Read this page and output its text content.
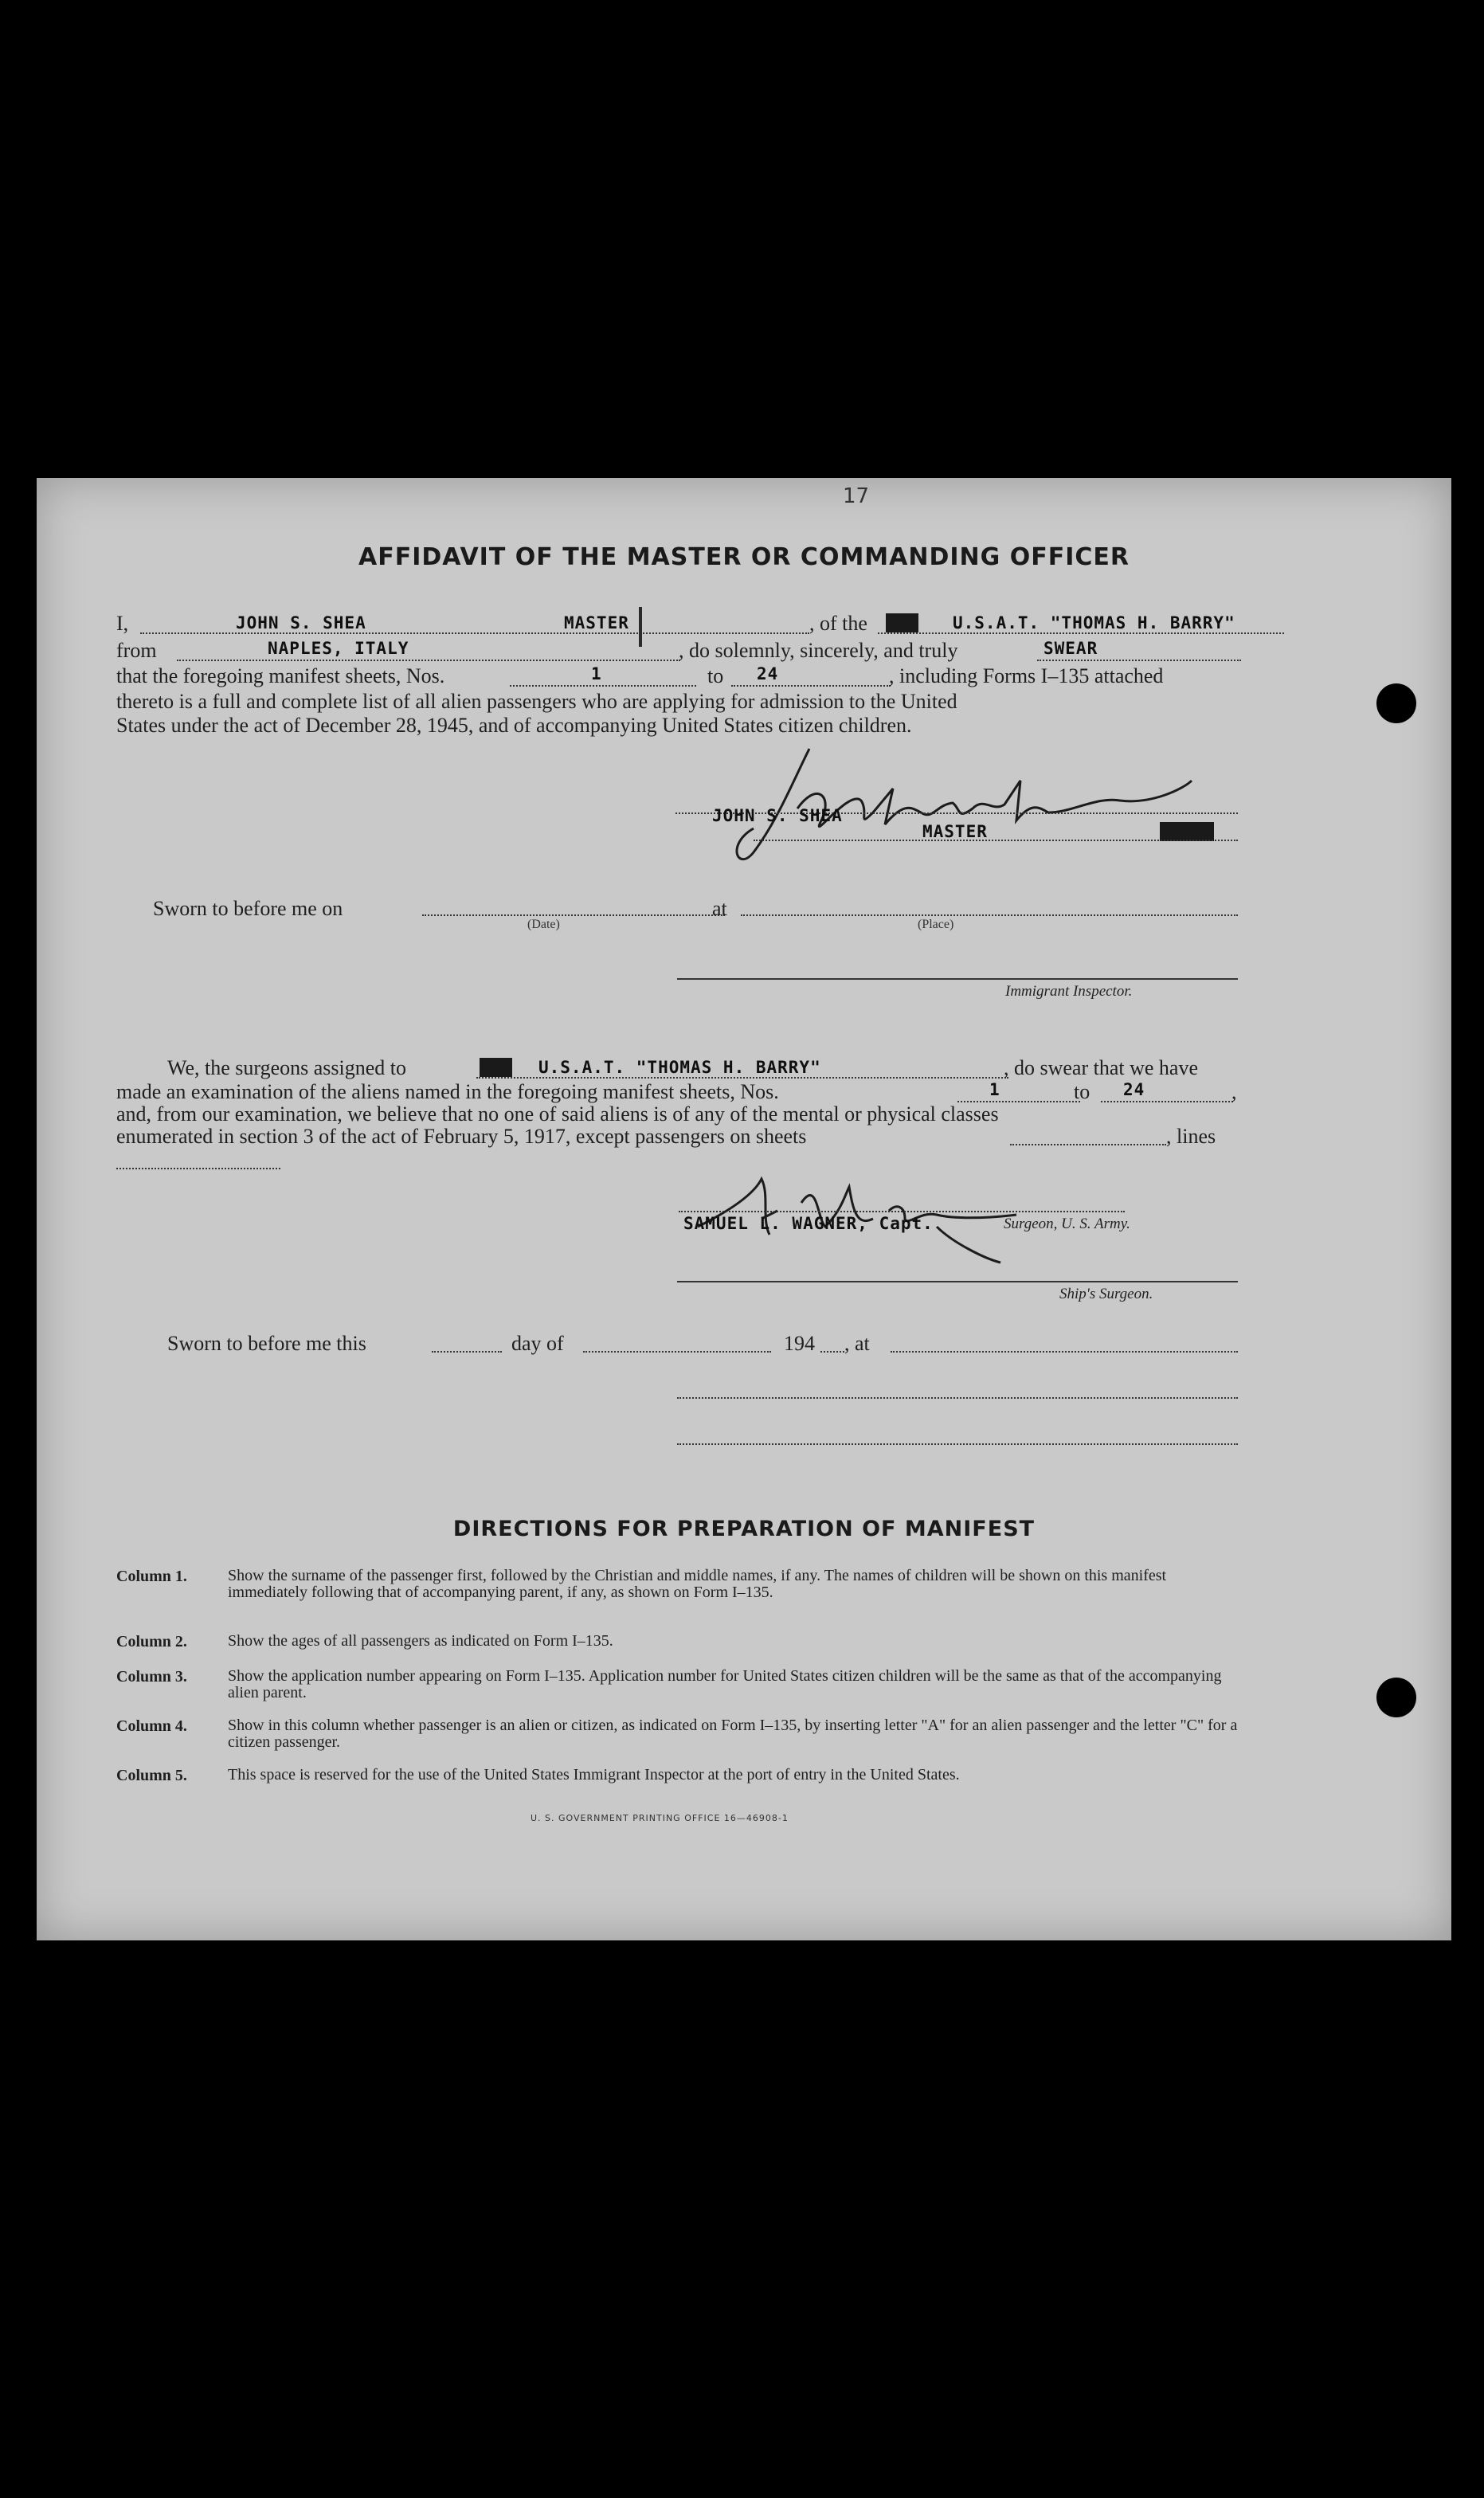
17
AFFIDAVIT OF THE MASTER OR COMMANDING OFFICER
I,	JOHN S. SHEA	MASTER	, of the XXX U.S.A.T. "THOMAS H. BARRY"
from	NAPLES, ITALY	, do solemnly, sincerely, and truly	SWEAR
that the foregoing manifest sheets, Nos.	1	to 24	, including Forms I–135 attached
thereto is a full and complete list of all alien passengers who are applying for admission to the United
States under the act of December 28, 1945, and of accompanying United States citizen children.
JOHN S. SHEA
MASTER	XXXXX
Sworn to before me on
(Date)
at
(Place)
Immigrant Inspector.
We, the surgeons assigned to	XXX U.S.A.T. "THOMAS H. BARRY"	, do swear that we have
made an examination of the aliens named in the foregoing manifest sheets, Nos.	1	to 24	,
and, from our examination, we believe that no one of said aliens is of any of the mental or physical classes
enumerated in section 3 of the act of February 5, 1917, except passengers on sheets	, lines
SAMUEL L. WAGNER, Capt.	Surgeon, U. S. Army.
Ship's Surgeon.
Sworn to before me this	day of	194 , at
DIRECTIONS FOR PREPARATION OF MANIFEST
Column 1.	Show the surname of the passenger first, followed by the Christian and middle names, if any. The names of children will be shown on this manifest immediately following that of accompanying parent, if any, as shown on Form I–135.
Column 2.	Show the ages of all passengers as indicated on Form I–135.
Column 3.	Show the application number appearing on Form I–135. Application number for United States citizen children will be the same as that of the accompanying alien parent.
Column 4.	Show in this column whether passenger is an alien or citizen, as indicated on Form I–135, by inserting letter "A" for an alien passenger and the letter "C" for a citizen passenger.
Column 5.	This space is reserved for the use of the United States Immigrant Inspector at the port of entry in the United States.
U. S. GOVERNMENT PRINTING OFFICE 16—46908-1
